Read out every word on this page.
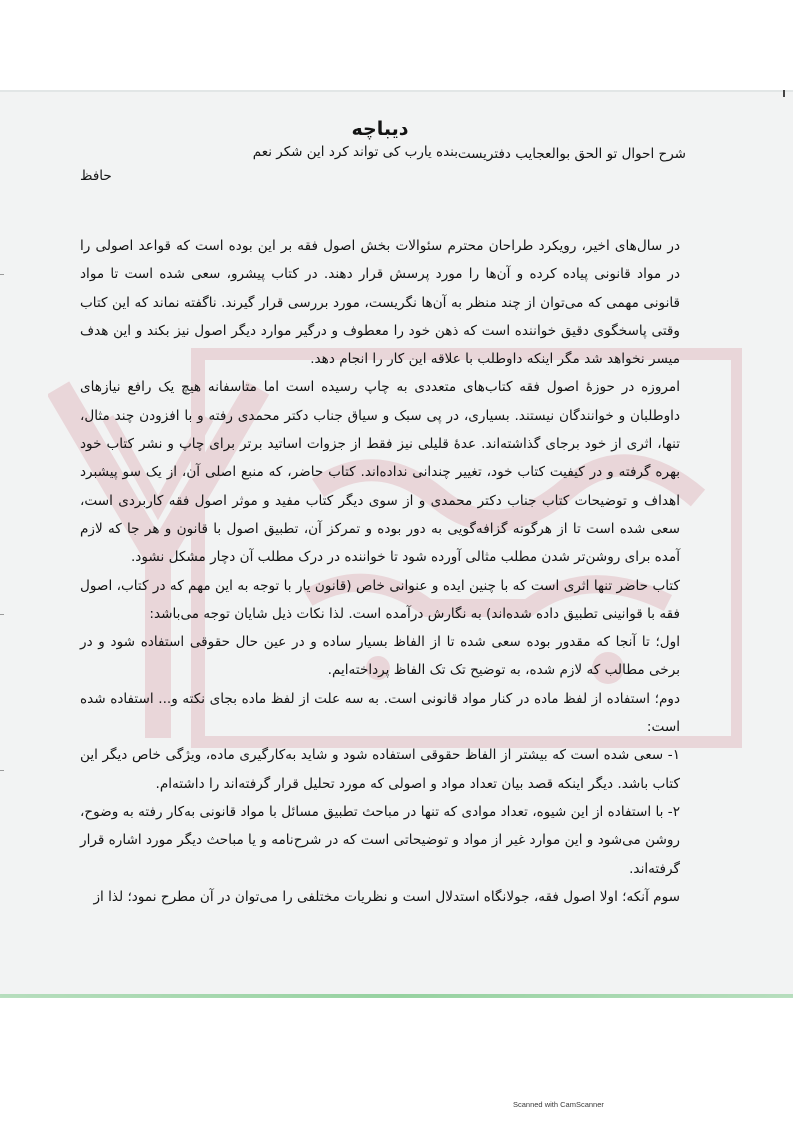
دیباچه
شرح احوال تو الحق بوالعجایب دفتریست
بنده یارب کی تواند کرد این شکر نعم
حافظ

در سال‌های اخیر، رویکرد طراحان محترم سئوالات بخش اصول فقه بر این بوده است که قواعد اصولی را در مواد قانونی پیاده کرده و آن‌ها را مورد پرسش قرار دهند. در کتاب پیشرو، سعی شده است تا مواد قانونی مهمی که می‌توان از چند منظر به آن‌ها نگریست، مورد بررسی قرار گیرند. ناگفته نماند که این کتاب وقتی پاسخگوی دقیق خواننده است که ذهن خود را معطوف و درگیر موارد دیگر اصول نیز بکند و این هدف میسر نخواهد شد مگر اینکه داوطلب با علاقه این کار را انجام دهد.

امروزه در حوزهٔ اصول فقه کتاب‌های متعددی به چاپ رسیده است اما متاسفانه هیچ یک رافع نیازهای داوطلبان و خوانندگان نیستند. بسیاری، در پی سبک و سیاق جناب دکتر محمدی رفته و با افزودن چند مثال، تنها، اثری از خود برجای گذاشته‌اند. عدهٔ قلیلی نیز فقط از جزوات اساتید برتر برای چاپ و نشر کتاب خود بهره گرفته و در کیفیت کتاب خود، تغییر چندانی نداده‌اند. کتاب حاضر، که منبع اصلی آن، از یک سو پیشبرد اهداف و توضیحات کتاب جناب دکتر محمدی و از سوی دیگر کتاب مفید و موثر اصول فقه کاربردی است، سعی شده است تا از هرگونه گزافه‌گویی به دور بوده و تمرکز آن، تطبیق اصول با قانون و هر جا که لازم آمده برای روشن‌تر شدن مطلب مثالی آورده شود تا خواننده در درک مطلب آن دچار مشکل نشود.

کتاب حاضر تنها اثری است که با چنین ایده و عنوانی خاص (قانون یار با توجه به این مهم که در کتاب، اصول فقه با قوانینی تطبیق داده شده‌اند) به نگارش درآمده است. لذا نکات ذیل شایان توجه می‌باشد:

اول؛ تا آنجا که مقدور بوده سعی شده تا از الفاظ بسیار ساده و در عین حال حقوقی استفاده شود و در برخی مطالب که لازم شده، به توضیح تک تک الفاظ پرداخته‌ایم.

دوم؛ استفاده از لفظ ماده در کنار مواد قانونی است. به سه علت از لفظ ماده بجای نکته و... استفاده شده است:

۱- سعی شده است که بیشتر از الفاظ حقوقی استفاده شود و شاید به‌کارگیری ماده، ویژگی خاص دیگر این کتاب باشد. دیگر اینکه قصد بیان تعداد مواد و اصولی که مورد تحلیل قرار گرفته‌اند را داشته‌ام.

۲- با استفاده از این شیوه، تعداد موادی که تنها در مباحث تطبیق مسائل با مواد قانونی به‌کار رفته به وضوح، روشن می‌شود و این موارد غیر از مواد و توضیحاتی است که در شرح‌نامه و یا مباحث دیگر مورد اشاره قرار گرفته‌اند.

سوم آنکه؛ اولا اصول فقه، جولانگاه استدلال است و نظریات مختلفی را می‌توان در آن مطرح نمود؛ لذا از

Scanned with CamScanner
